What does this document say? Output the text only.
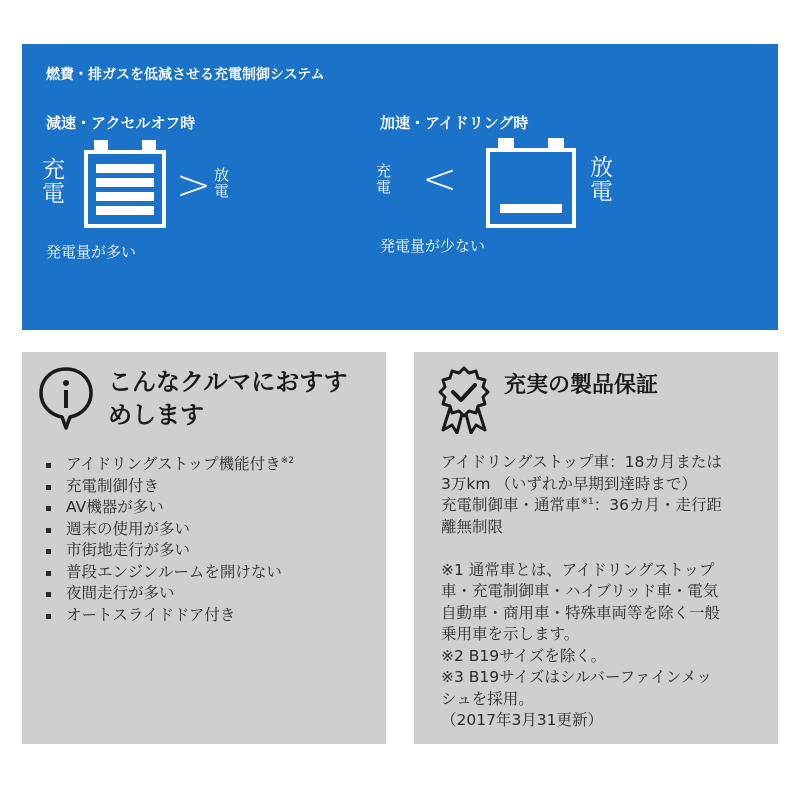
燃費・排ガスを低減させる充電制御システム
減速・アクセルオフ時
充
電	> 放
電
発電量が多い
加速・アイドリング時
充
電 <	放
電
発電量が少ない
こんなクルマにおすす
めします
アイドリングストップ機能付き$^{※2}$
充電制御付き
AV機器が多い
週末の使用が多い
市街地走行が多い
普段エンジンルームを開けない
夜間走行が多い
オートスライドドア付き
充実の製品保証
アイドリングストップ車：18カ月または
3万km （いずれか早期到達時まで）
充電制御車・通常車$^{※1}$：36カ月・走行距
離無制限
※1 通常車とは、アイドリングストップ
車・充電制御車・ハイブリッド車・電気
自動車・商用車・特殊車両等を除く一般
乗用車を示します。
※2 B19サイズを除く。
※3 B19サイズはシルバーファインメッ
シュを採用。
（2017年3月31更新）
